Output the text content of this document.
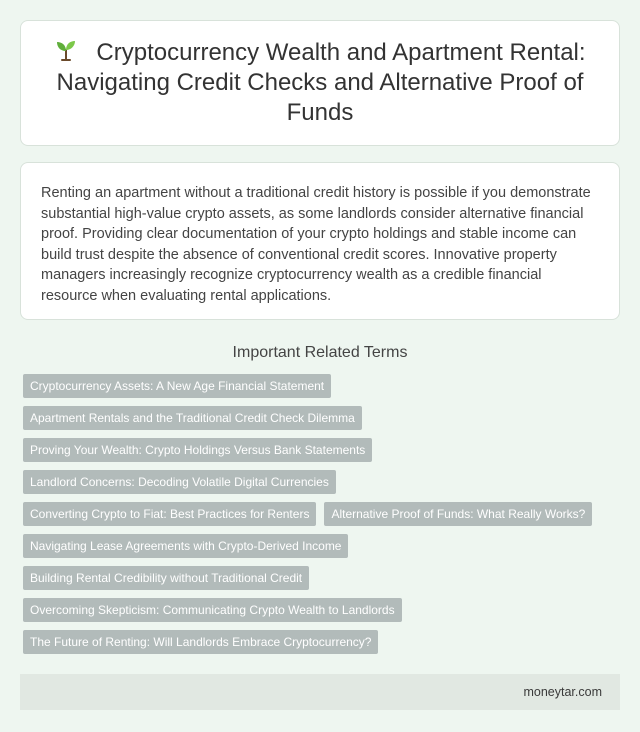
Cryptocurrency Wealth and Apartment Rental: Navigating Credit Checks and Alternative Proof of Funds

Renting an apartment without a traditional credit history is possible if you demonstrate substantial high-value crypto assets, as some landlords consider alternative financial proof. Providing clear documentation of your crypto holdings and stable income can build trust despite the absence of conventional credit scores. Innovative property managers increasingly recognize cryptocurrency wealth as a credible financial resource when evaluating rental applications.

Important Related Terms
Cryptocurrency Assets: A New Age Financial Statement
Apartment Rentals and the Traditional Credit Check Dilemma
Proving Your Wealth: Crypto Holdings Versus Bank Statements
Landlord Concerns: Decoding Volatile Digital Currencies
Converting Crypto to Fiat: Best Practices for Renters	Alternative Proof of Funds: What Really Works?
Navigating Lease Agreements with Crypto-Derived Income
Building Rental Credibility without Traditional Credit
Overcoming Skepticism: Communicating Crypto Wealth to Landlords
The Future of Renting: Will Landlords Embrace Cryptocurrency?
moneytar.com
